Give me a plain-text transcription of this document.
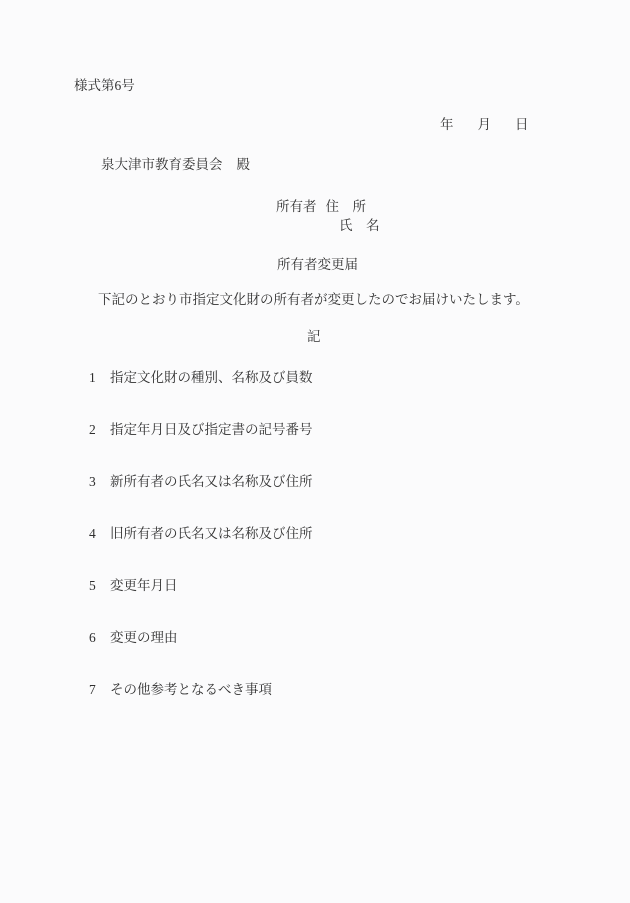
様式第6号
年 月 日
泉大津市教育委員会 殿
所有者 住　所
氏　名
所有者変更届
下記のとおり市指定文化財の所有者が変更したのでお届けいたします。
記
1 指定文化財の種別、名称及び員数
2 指定年月日及び指定書の記号番号
3 新所有者の氏名又は名称及び住所
4 旧所有者の氏名又は名称及び住所
5 変更年月日
6 変更の理由
7 その他参考となるべき事項
